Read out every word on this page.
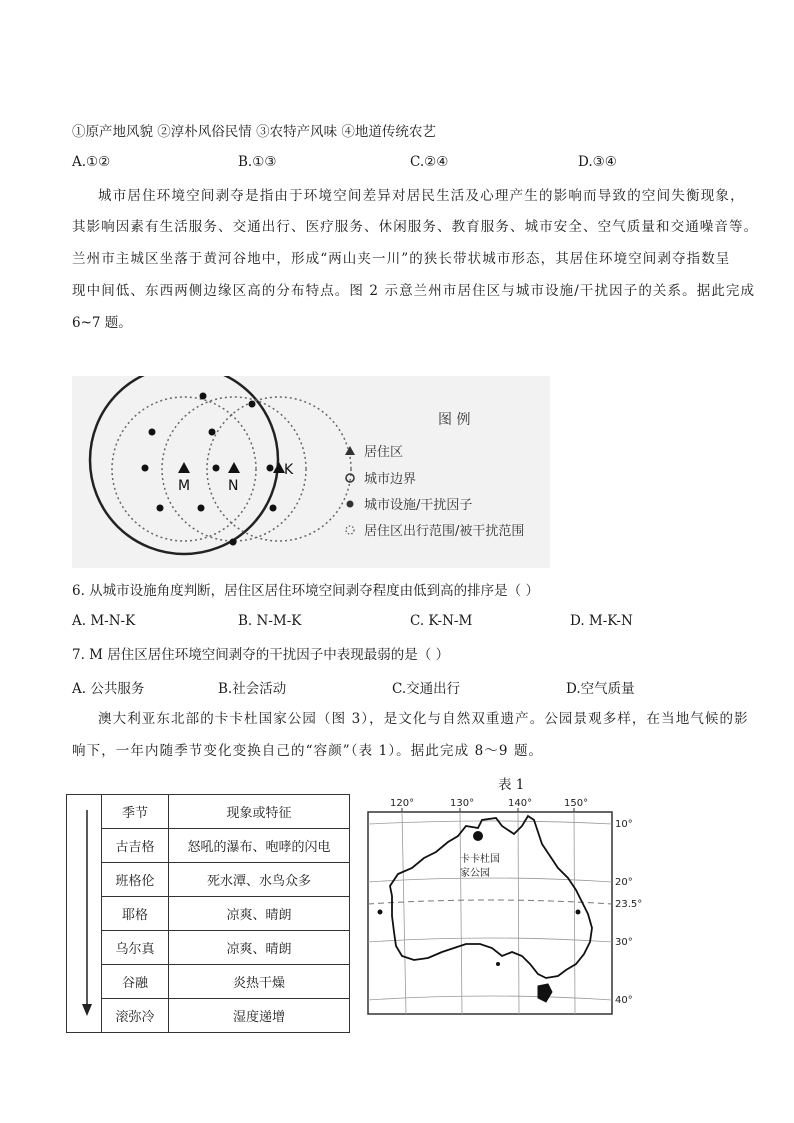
①原产地风貌 ②淳朴风俗民情 ③农特产风味 ④地道传统农艺
A.①②	B.①③	C.②④	D.③④
城市居住环境空间剥夺是指由于环境空间差异对居民生活及心理产生的影响而导致的空间失衡现象，
其影响因素有生活服务、交通出行、医疗服务、休闲服务、教育服务、城市安全、空气质量和交通噪音等。
兰州市主城区坐落于黄河谷地中，形成“两山夹一川”的狭长带状城市形态，其居住环境空间剥夺指数呈
现中间低、东西两侧边缘区高的分布特点。图 2 示意兰州市居住区与城市设施/干扰因子的关系。据此完成
6~7 题。
M	N
K
图 例
居住区
城市边界
城市设施/干扰因子
居住区出行范围/被干扰范围
6. 从城市设施角度判断，居住区居住环境空间剥夺程度由低到高的排序是（ ）
A. M-N-K	B. N-M-K	C. K-N-M	D. M-K-N
7. M 居住区居住环境空间剥夺的干扰因子中表现最弱的是（ ）
A. 公共服务	B.社会活动	C.交通出行	D.空气质量
澳大利亚东北部的卡卡杜国家公园（图 3），是文化与自然双重遗产。公园景观多样，在当地气候的影
响下，一年内随季节变化变换自己的“容颜”（表 1）。据此完成 8～9 题。
表 1
	季节	现象或特征
	古吉格	怒吼的瀑布、咆哮的闪电
	班格伦	死水潭、水鸟众多
	耶格	凉爽、晴朗
	乌尔真	凉爽、晴朗
	谷融	炎热干燥
	滚弥冷	湿度递增
卡卡杜国
家公园
120°	130°	140°	150°
10°
20°
23.5°
30°
40°
